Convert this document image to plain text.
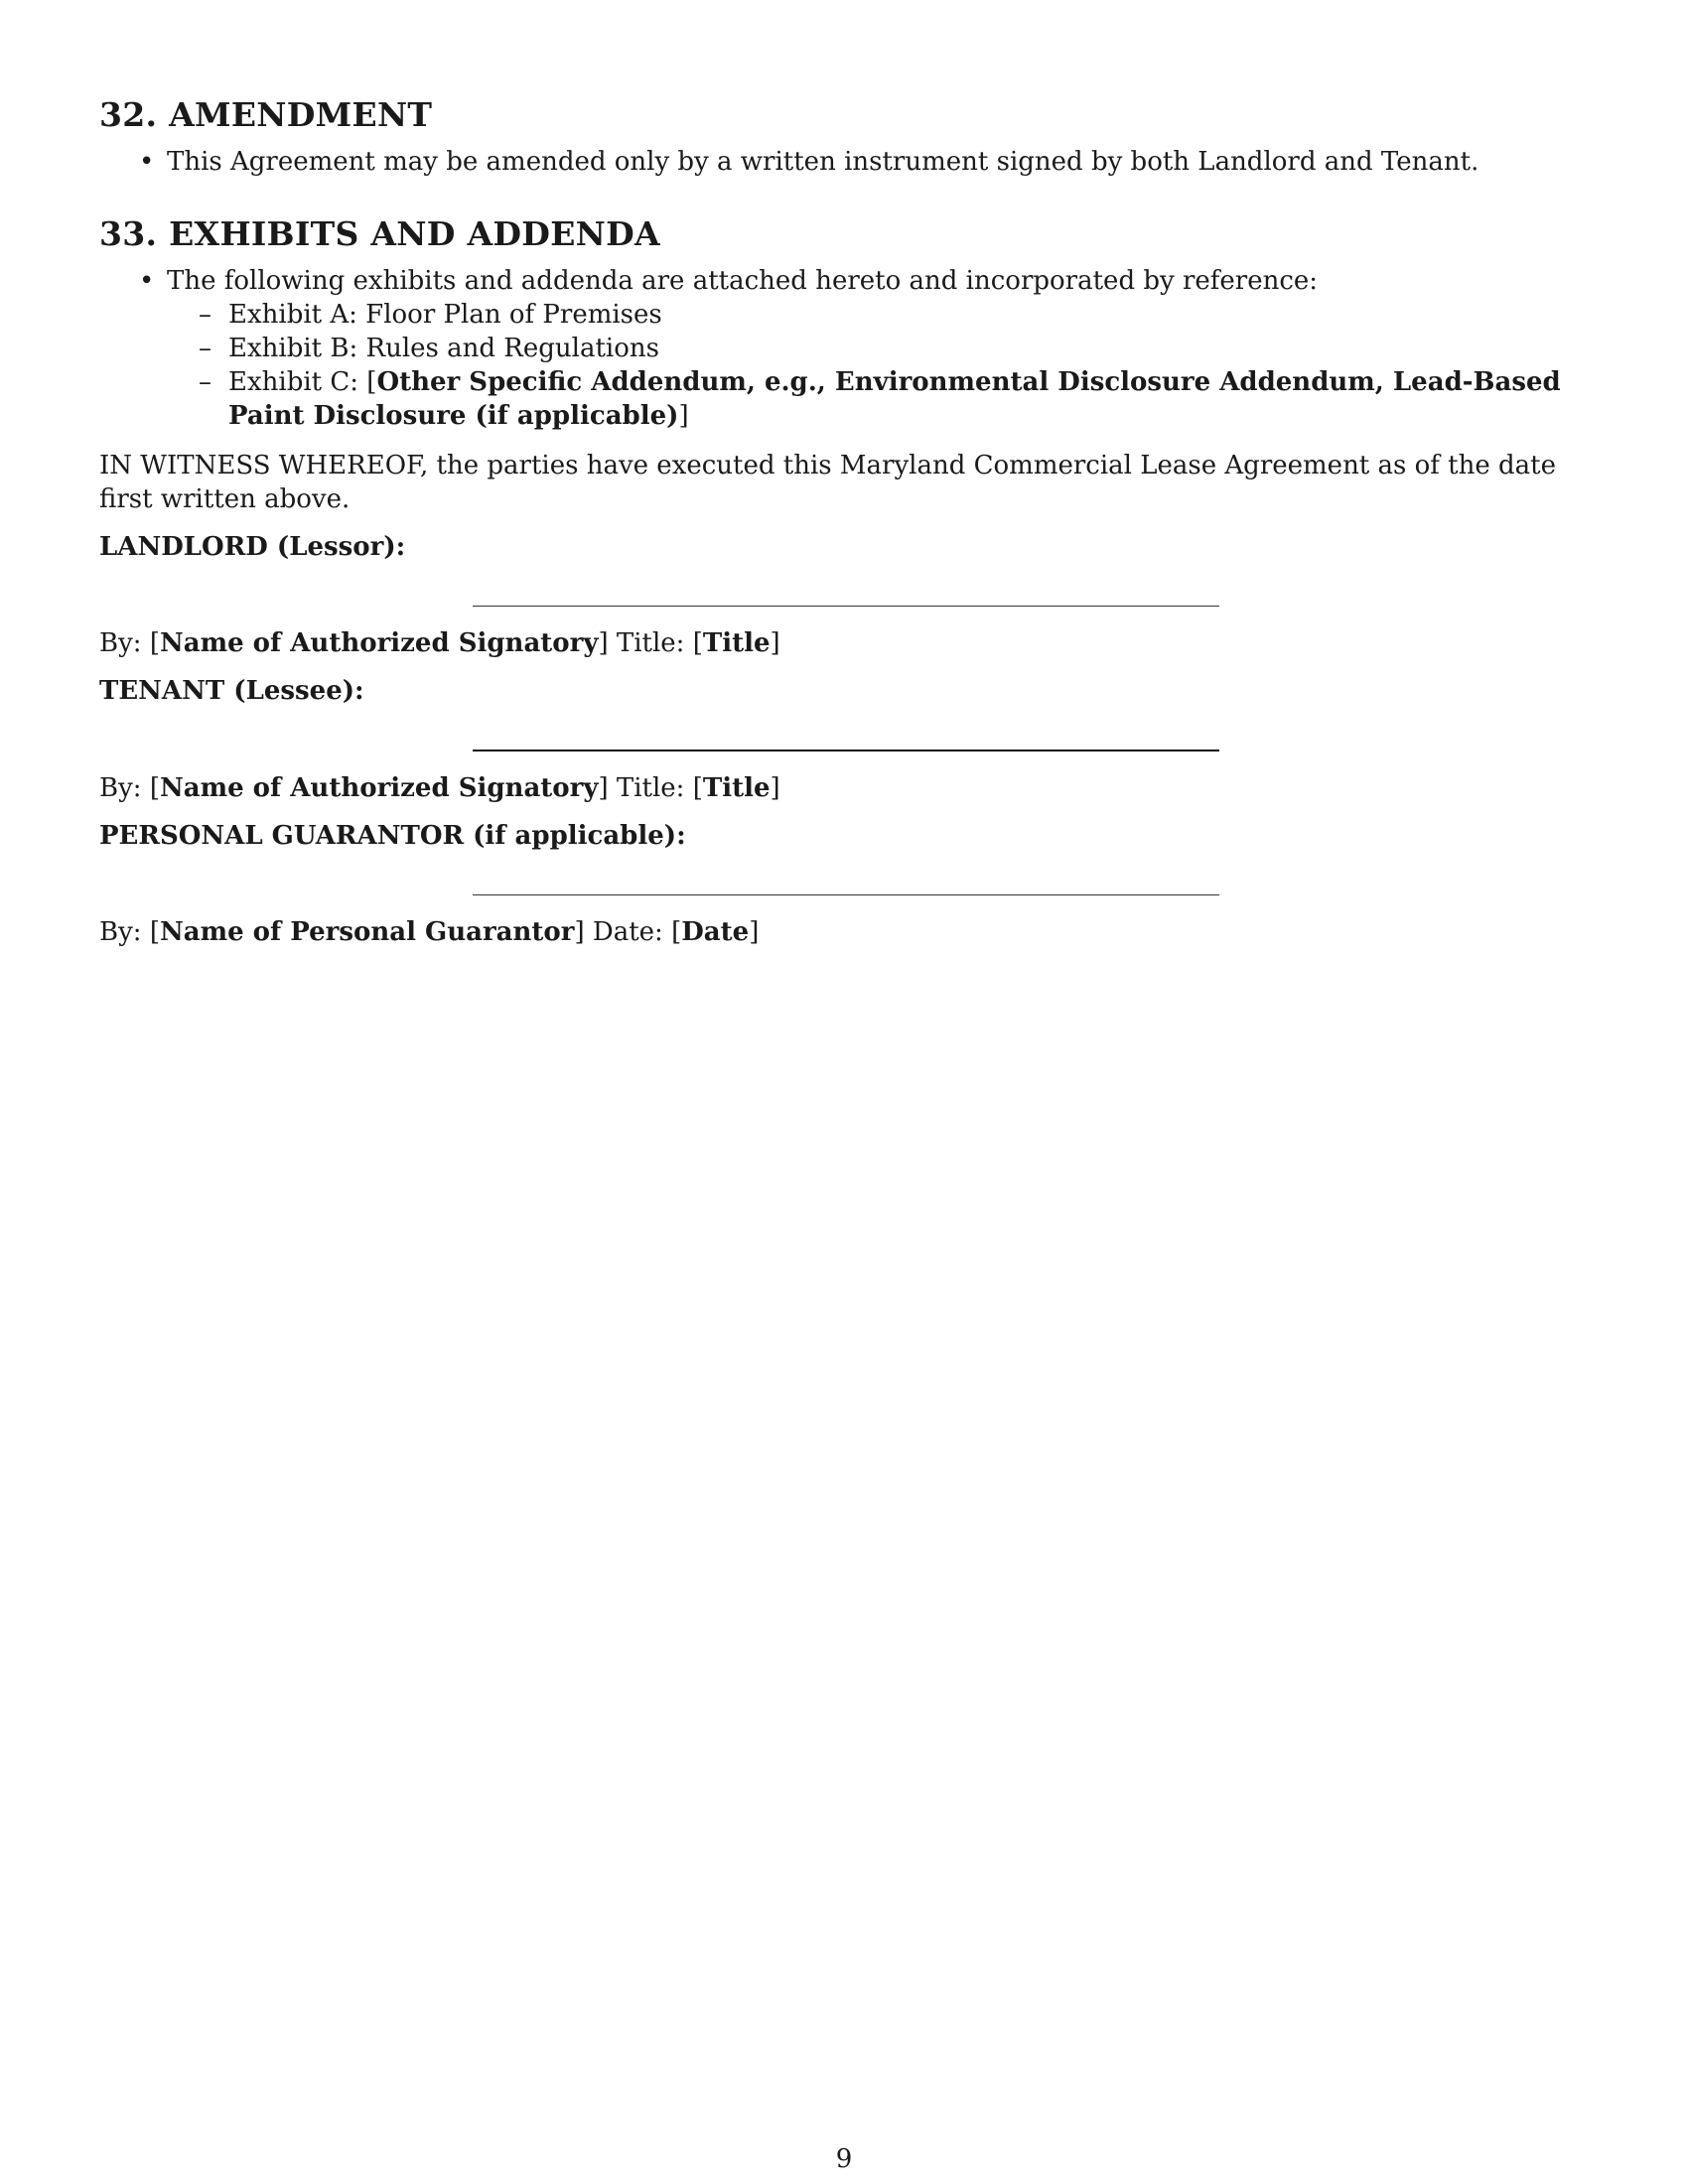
32. AMENDMENT
• This Agreement may be amended only by a written instrument signed by both Landlord and Tenant.
33. EXHIBITS AND ADDENDA
• The following exhibits and addenda are attached hereto and incorporated by reference:
– Exhibit A: Floor Plan of Premises
– Exhibit B: Rules and Regulations
– Exhibit C: [Other Specific Addendum, e.g., Environmental Disclosure Addendum, Lead-Based Paint Disclosure (if applicable)]

IN WITNESS WHEREOF, the parties have executed this Maryland Commercial Lease Agreement as of the date first written above.

LANDLORD (Lessor):
By: [Name of Authorized Signatory] Title: [Title]
TENANT (Lessee):
By: [Name of Authorized Signatory] Title: [Title]
PERSONAL GUARANTOR (if applicable):
By: [Name of Personal Guarantor] Date: [Date]
9
